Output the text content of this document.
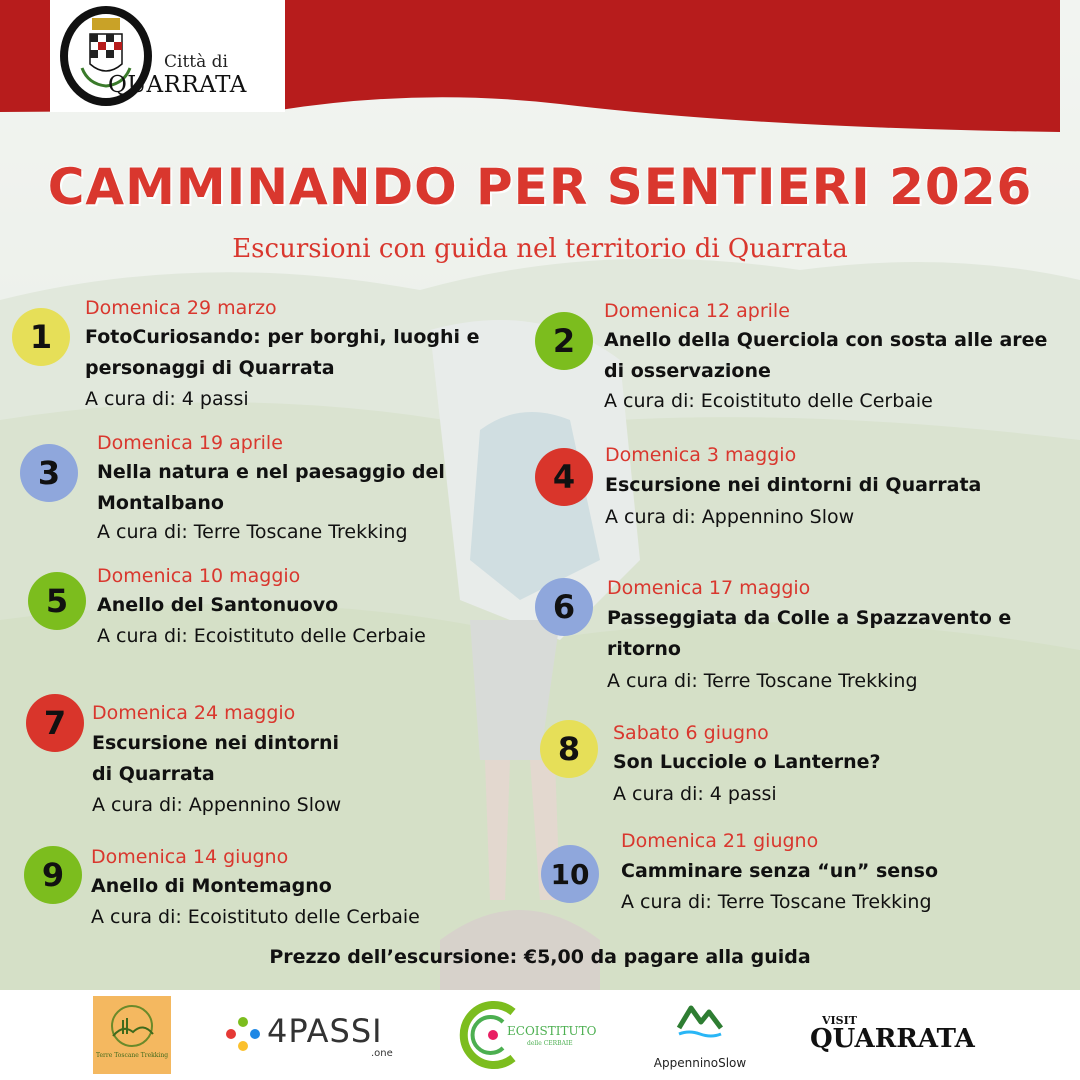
Città di
QUARRATA
CAMMINANDO PER SENTIERI 2026
Escursioni con guida nel territorio di Quarrata
1
Domenica 29 marzo
FotoCuriosando: per borghi, luoghi e personaggi di Quarrata
A cura di: 4 passi
2
Domenica 12 aprile
Anello della Querciola con sosta alle aree di osservazione
A cura di: Ecoistituto delle Cerbaie
3
Domenica 19 aprile
Nella natura e nel paesaggio del Montalbano
A cura di: Terre Toscane Trekking
4
Domenica 3 maggio
Escursione nei dintorni di Quarrata
A cura di: Appennino Slow
5
Domenica 10 maggio
Anello del Santonuovo
A cura di: Ecoistituto delle Cerbaie
6	Domenica 17 maggio
Passeggiata da Colle a Spazzavento e ritorno
A cura di: Terre Toscane Trekking
7	Domenica 24 maggio
Escursione nei dintorni di Quarrata
A cura di: Appennino Slow
8	Sabato 6 giugno
Son Lucciole o Lanterne?
A cura di: 4 passi
9	Domenica 14 giugno
Anello di Montemagno
A cura di: Ecoistituto delle Cerbaie
10
Domenica 21 giugno
Camminare senza “un” senso
A cura di: Terre Toscane Trekking
Prezzo dell’escursione: €5,00 da pagare alla guida
Terre Toscane Trekking
4PASSI
.one
ECOISTITUTO
delle CERBAIE
AppenninoSlow
VISIT
QUARRATA
